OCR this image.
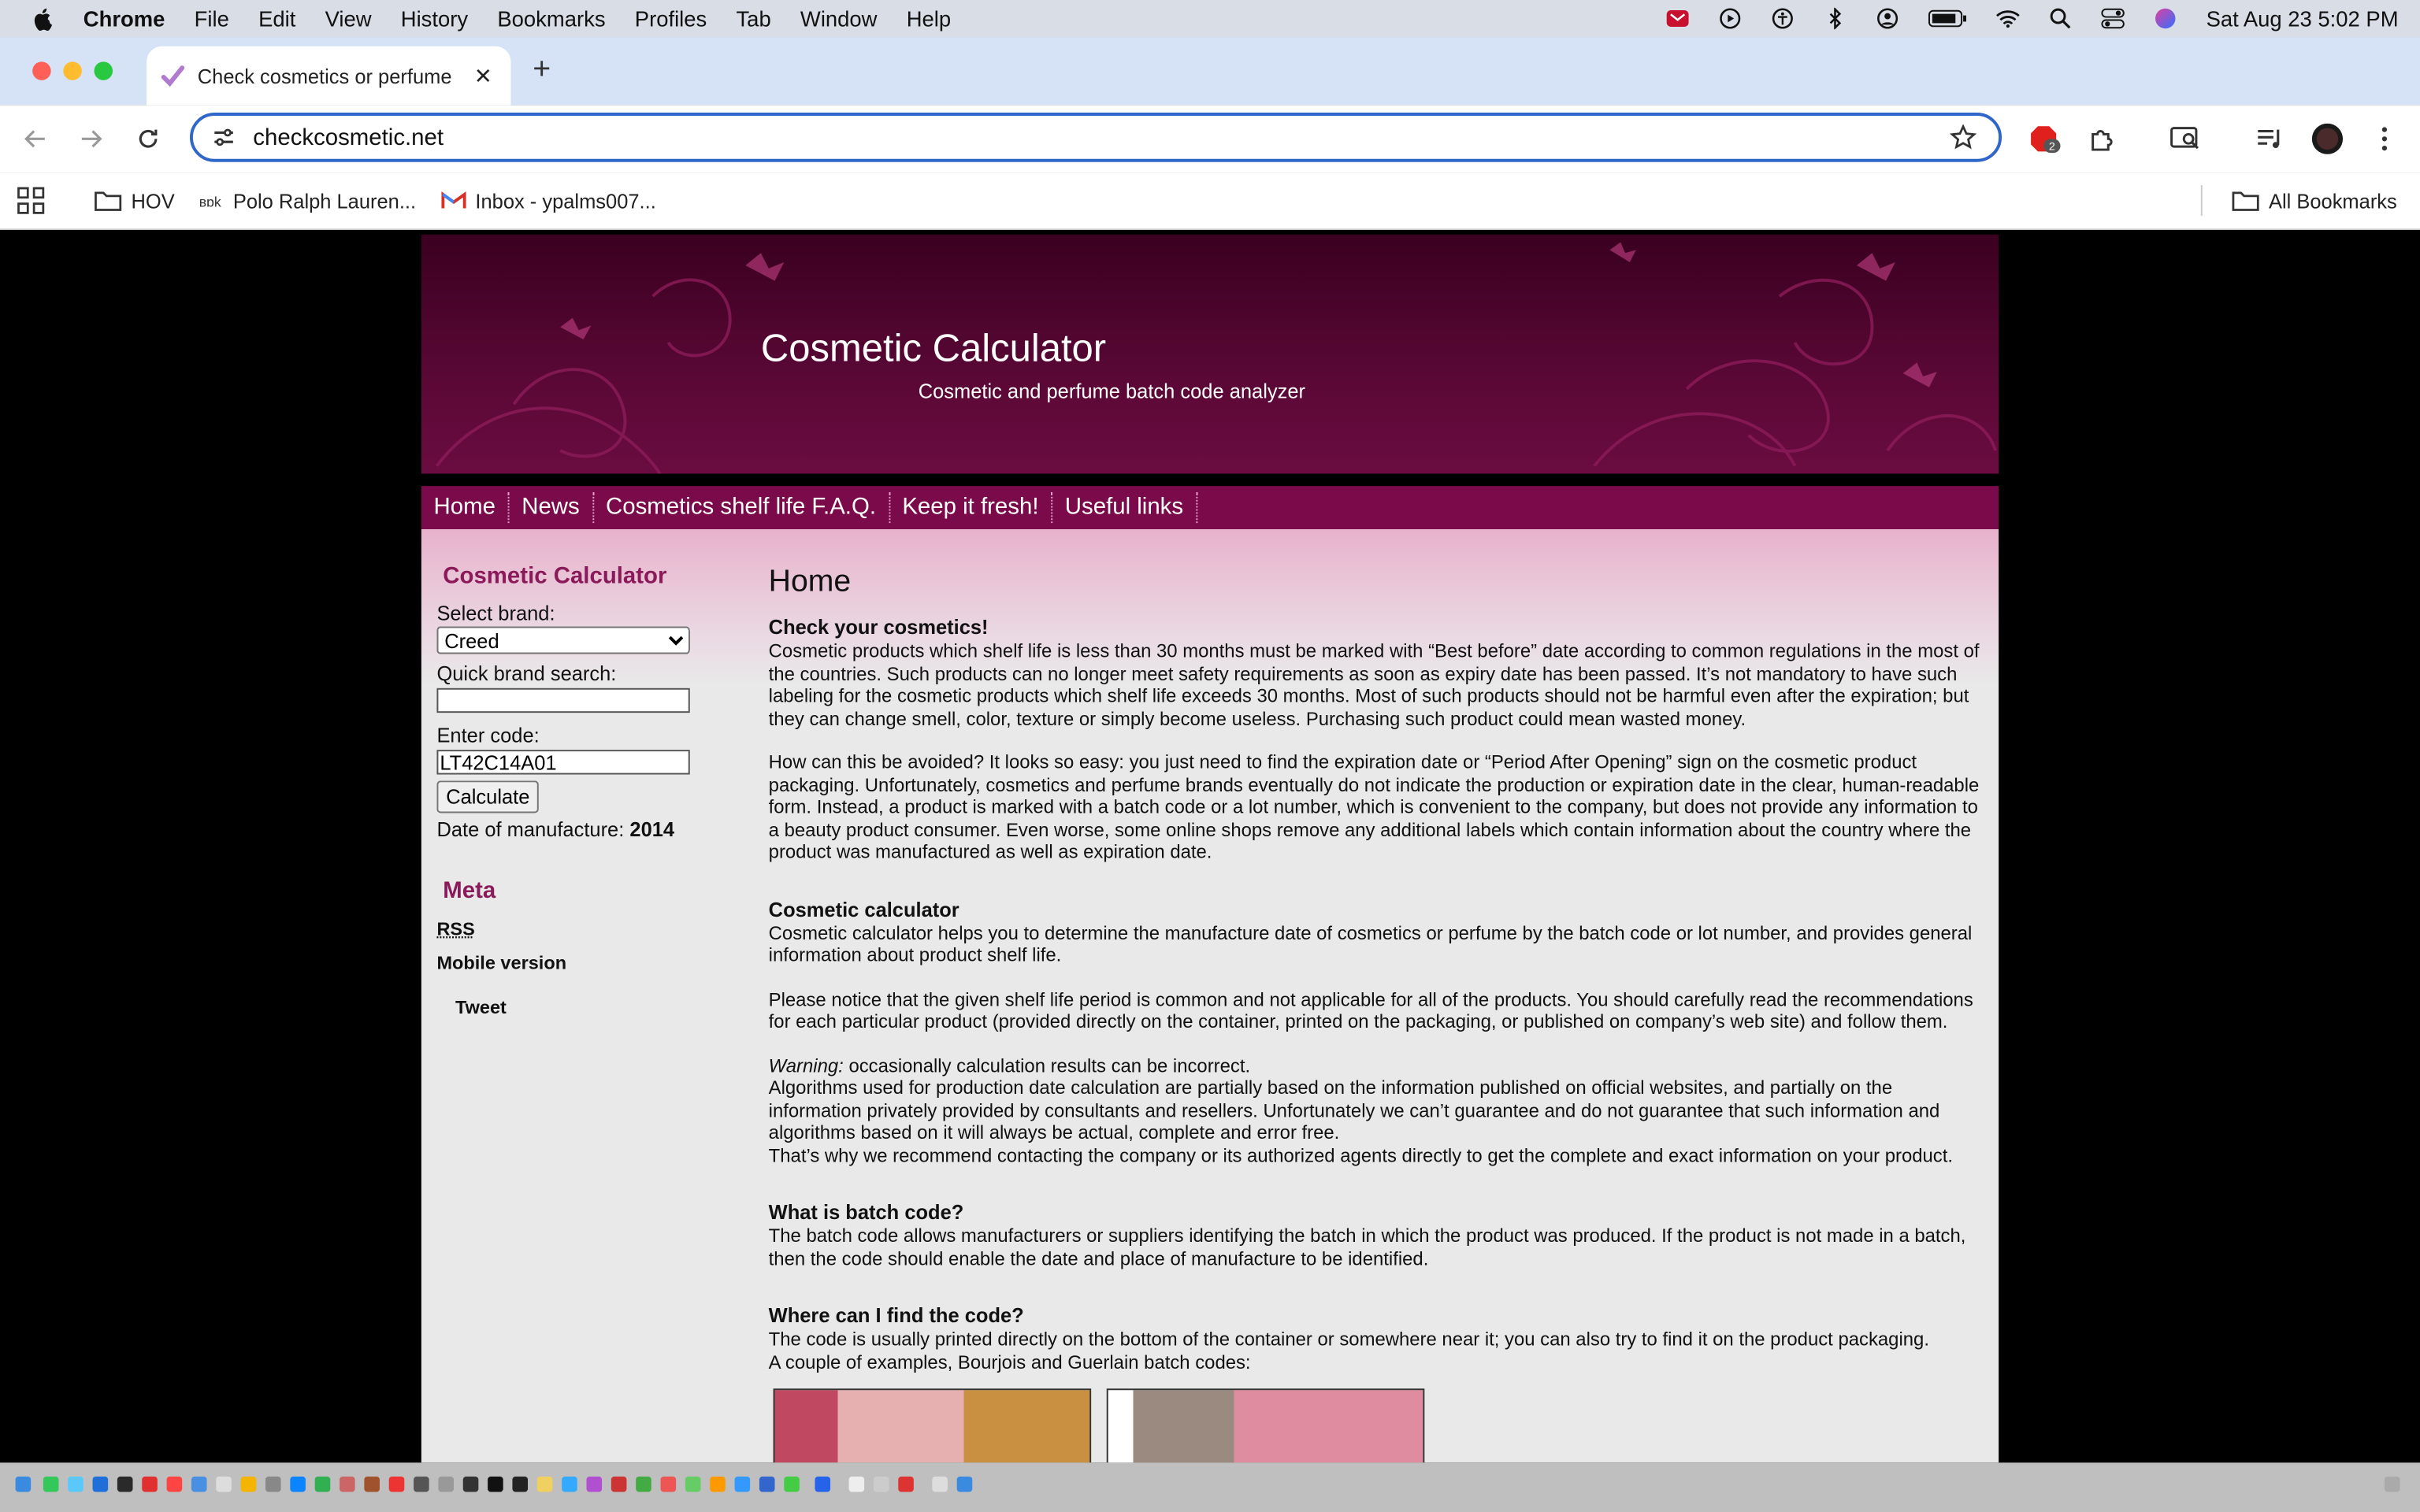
Chrome	File	Edit	View	History	Bookmarks	Profiles	Tab	Window	Help	Sat Aug 23 5:02 PM
Check cosmetics or perfume	✕	+
checkcosmetic.net
2
HOV	ʙɒk Polo Ralph Lauren...	Inbox - ypalms007...	All Bookmarks
Cosmetic Calculator
Cosmetic and perfume batch code analyzer
Home	News	Cosmetics shelf life F.A.Q.	Keep it fresh!	Useful links
Cosmetic Calculator
Select brand:
Creed
Quick brand search:
Enter code:
LT42C14A01
Calculate
Date of manufacture: 2014
Meta
RSS
Mobile version
Tweet
Home
Check your cosmetics!

Cosmetic products which shelf life is less than 30 months must be marked with “Best before” date according to common regulations in the most of the countries. Such products can no longer meet safety requirements as soon as expiry date has been passed. It’s not mandatory to have such labeling for the cosmetic products which shelf life exceeds 30 months. Most of such products should not be harmful even after the expiration; but they can change smell, color, texture or simply become useless. Purchasing such product could mean wasted money.

How can this be avoided? It looks so easy: you just need to find the expiration date or “Period After Opening” sign on the cosmetic product packaging. Unfortunately, cosmetics and perfume brands eventually do not indicate the production or expiration date in the clear, human-readable form. Instead, a product is marked with a batch code or a lot number, which is convenient to the company, but does not provide any information to a beauty product consumer. Even worse, some online shops remove any additional labels which contain information about the country where the product was manufactured as well as expiration date.

Cosmetic calculator

Cosmetic calculator helps you to determine the manufacture date of cosmetics or perfume by the batch code or lot number, and provides general information about product shelf life.

Please notice that the given shelf life period is common and not applicable for all of the products. You should carefully read the recommendations for each particular product (provided directly on the container, printed on the packaging, or published on company’s web site) and follow them.

Warning: occasionally calculation results can be incorrect.
Algorithms used for production date calculation are partially based on the information published on official websites, and partially on the information privately provided by consultants and resellers. Unfortunately we can’t guarantee and do not guarantee that such information and algorithms based on it will always be actual, complete and error free.

That’s why we recommend contacting the company or its authorized agents directly to get the complete and exact information on your product.

What is batch code?

The batch code allows manufacturers or suppliers identifying the batch in which the product was produced. If the product is not made in a batch, then the code should enable the date and place of manufacture to be identified.

Where can I find the code?
The code is usually printed directly on the bottom of the container or somewhere near it; you can also try to find it on the product packaging.
A couple of examples, Bourjois and Guerlain batch codes:
